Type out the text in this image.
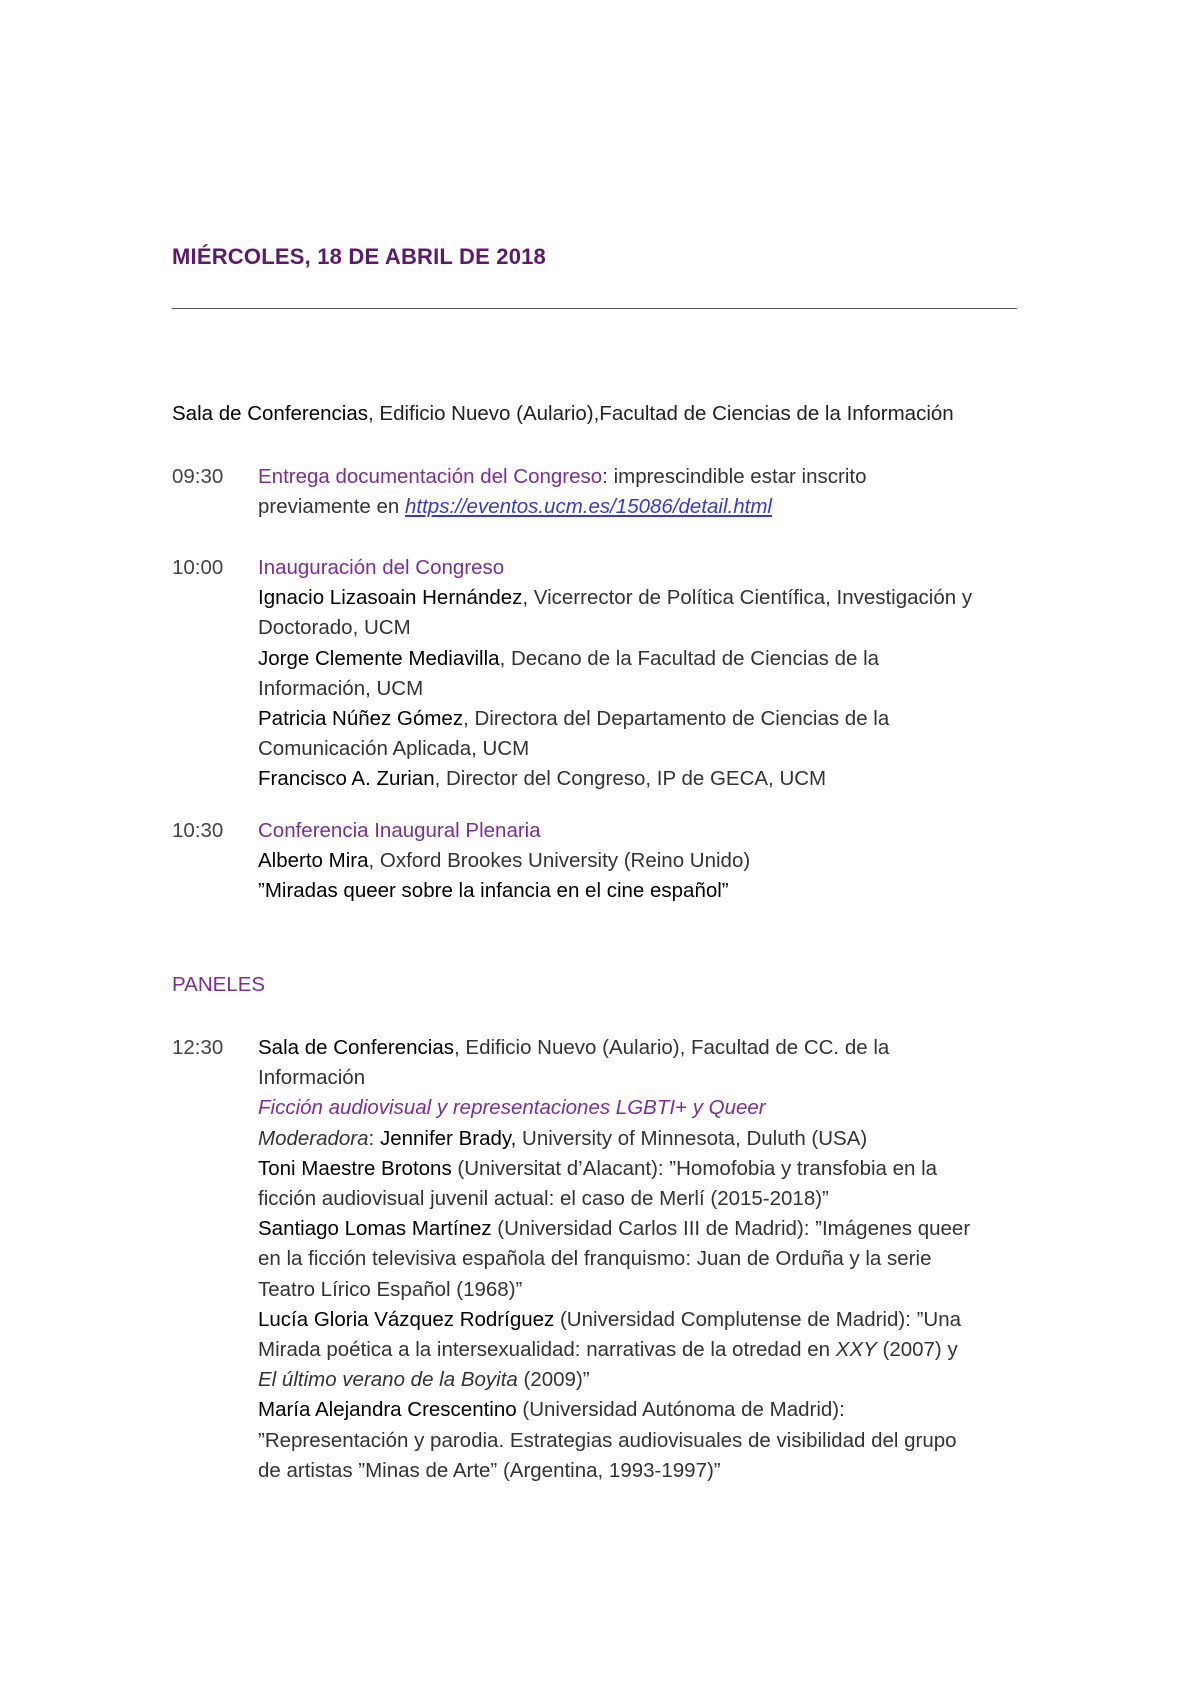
MIÉRCOLES, 18 DE ABRIL DE 2018
Sala de Conferencias, Edificio Nuevo (Aulario),Facultad de Ciencias de la Información
09:30	Entrega documentación del Congreso: imprescindible estar inscrito
previamente en https://eventos.ucm.es/15086/detail.html
10:00	Inauguración del Congreso
Ignacio Lizasoain Hernández, Vicerrector de Política Científica, Investigación y
Doctorado, UCM
Jorge Clemente Mediavilla, Decano de la Facultad de Ciencias de la
Información, UCM
Patricia Núñez Gómez, Directora del Departamento de Ciencias de la
Comunicación Aplicada, UCM
Francisco A. Zurian, Director del Congreso, IP de GECA, UCM
10:30	Conferencia Inaugural Plenaria
Alberto Mira, Oxford Brookes University (Reino Unido)
”Miradas queer sobre la infancia en el cine español”
PANELES
12:30	Sala de Conferencias, Edificio Nuevo (Aulario), Facultad de CC. de la
Información
Ficción audiovisual y representaciones LGBTI+ y Queer
Moderadora: Jennifer Brady, University of Minnesota, Duluth (USA)
Toni Maestre Brotons (Universitat d’Alacant): ”Homofobia y transfobia en la
ficción audiovisual juvenil actual: el caso de Merlí (2015-2018)”
Santiago Lomas Martínez (Universidad Carlos III de Madrid): ”Imágenes queer
en la ficción televisiva española del franquismo: Juan de Orduña y la serie
Teatro Lírico Español (1968)”
Lucía Gloria Vázquez Rodríguez (Universidad Complutense de Madrid): ”Una
Mirada poética a la intersexualidad: narrativas de la otredad en XXY (2007) y
El último verano de la Boyita (2009)”
María Alejandra Crescentino (Universidad Autónoma de Madrid):
”Representación y parodia. Estrategias audiovisuales de visibilidad del grupo
de artistas ”Minas de Arte” (Argentina, 1993-1997)”
